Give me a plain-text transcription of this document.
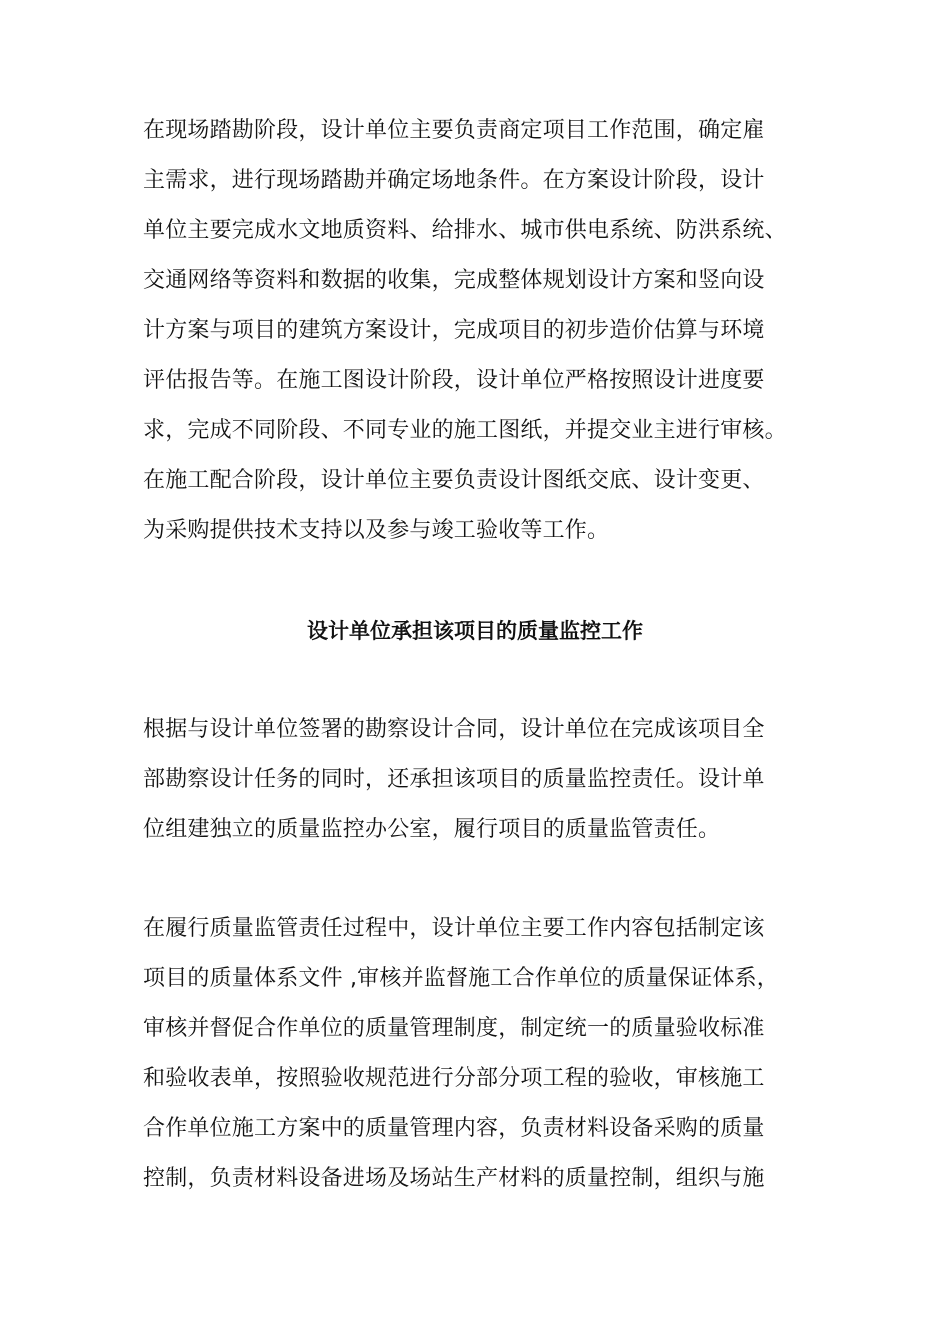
在现场踏勘阶段，设计单位主要负责商定项目工作范围，确定雇
主需求，进行现场踏勘并确定场地条件。在方案设计阶段，设计
单位主要完成水文地质资料、给排水、城市供电系统、防洪系统、
交通网络等资料和数据的收集，完成整体规划设计方案和竖向设
计方案与项目的建筑方案设计，完成项目的初步造价估算与环境
评估报告等。在施工图设计阶段，设计单位严格按照设计进度要
求，完成不同阶段、不同专业的施工图纸，并提交业主进行审核。
在施工配合阶段，设计单位主要负责设计图纸交底、设计变更、
为采购提供技术支持以及参与竣工验收等工作。
设计单位承担该项目的质量监控工作
根据与设计单位签署的勘察设计合同，设计单位在完成该项目全
部勘察设计任务的同时，还承担该项目的质量监控责任。设计单
位组建独立的质量监控办公室，履行项目的质量监管责任。
在履行质量监管责任过程中，设计单位主要工作内容包括制定该
项目的质量体系文件 ,审核并监督施工合作单位的质量保证体系，
审核并督促合作单位的质量管理制度，制定统一的质量验收标准
和验收表单，按照验收规范进行分部分项工程的验收，审核施工
合作单位施工方案中的质量管理内容，负责材料设备采购的质量
控制，负责材料设备进场及场站生产材料的质量控制，组织与施
